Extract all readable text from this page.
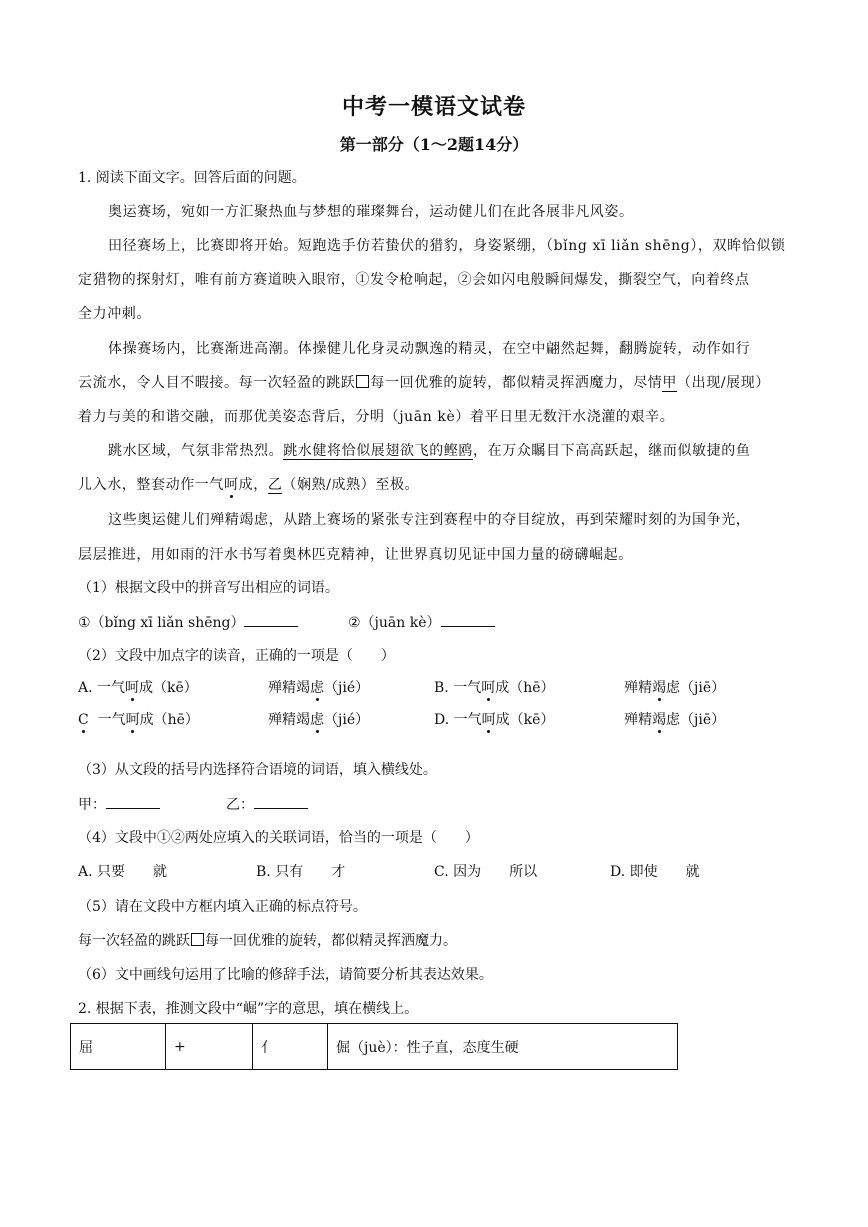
中考一模语文试卷
第一部分（1～2题14分）
1. 阅读下面文字。回答后面的问题。
奥运赛场，宛如一方汇聚热血与梦想的璀璨舞台，运动健儿们在此各展非凡风姿。
田径赛场上，比赛即将开始。短跑选手仿若蛰伏的猎豹，身姿紧绷，（bǐng xī liǎn shēng），双眸恰似锁
定猎物的探射灯，唯有前方赛道映入眼帘，①发令枪响起，②会如闪电般瞬间爆发，撕裂空气，向着终点
全力冲刺。
体操赛场内，比赛渐进高潮。体操健儿化身灵动飘逸的精灵，在空中翩然起舞，翻腾旋转，动作如行
云流水，令人目不暇接。每一次轻盈的跳跃 每一回优雅的旋转，都似精灵挥洒魔力，尽情甲（出现/展现）
着力与美的和谐交融，而那优美姿态背后，分明（juān kè）着平日里无数汗水浇灌的艰辛。
跳水区域，气氛非常热烈。跳水健将恰似展翅欲飞的鲣鸥，在万众瞩目下高高跃起，继而似敏捷的鱼
儿入水，整套动作一气呵成，乙（娴熟/成熟）至极。
这些奥运健儿们殚精竭虑，从踏上赛场的紧张专注到赛程中的夺目绽放，再到荣耀时刻的为国争光，
层层推进，用如雨的汗水书写着奥林匹克精神，让世界真切见证中国力量的磅礴崛起。
（1）根据文段中的拼音写出相应的词语。
①（bǐng xī liǎn shēng）	②（juān kè）
（2）文段中加点字的读音，正确的一项是（　　）
A. 一气呵成（kē）	殚精竭虑（jié）	B. 一气呵成（hē）	殚精竭虑（jiē）
C 一气呵成（hē）	殚精竭虑（jié）	D. 一气呵成（kē）	殚精竭虑（jiē）
（3）从文段的括号内选择符合语境的词语，填入横线处。
甲：	乙：
（4）文段中①②两处应填入的关联词语，恰当的一项是（　　）
A. 只要　　就	B. 只有　　才	C. 因为　　所以	D. 即使　　就
（5）请在文段中方框内填入正确的标点符号。
每一次轻盈的跳跃 每一回优雅的旋转，都似精灵挥洒魔力。
（6）文中画线句运用了比喻的修辞手法，请简要分析其表达效果。
2. 根据下表，推测文段中“崛”字的意思，填在横线上。
屈	+	亻	倔（juè）：性子直，态度生硬
